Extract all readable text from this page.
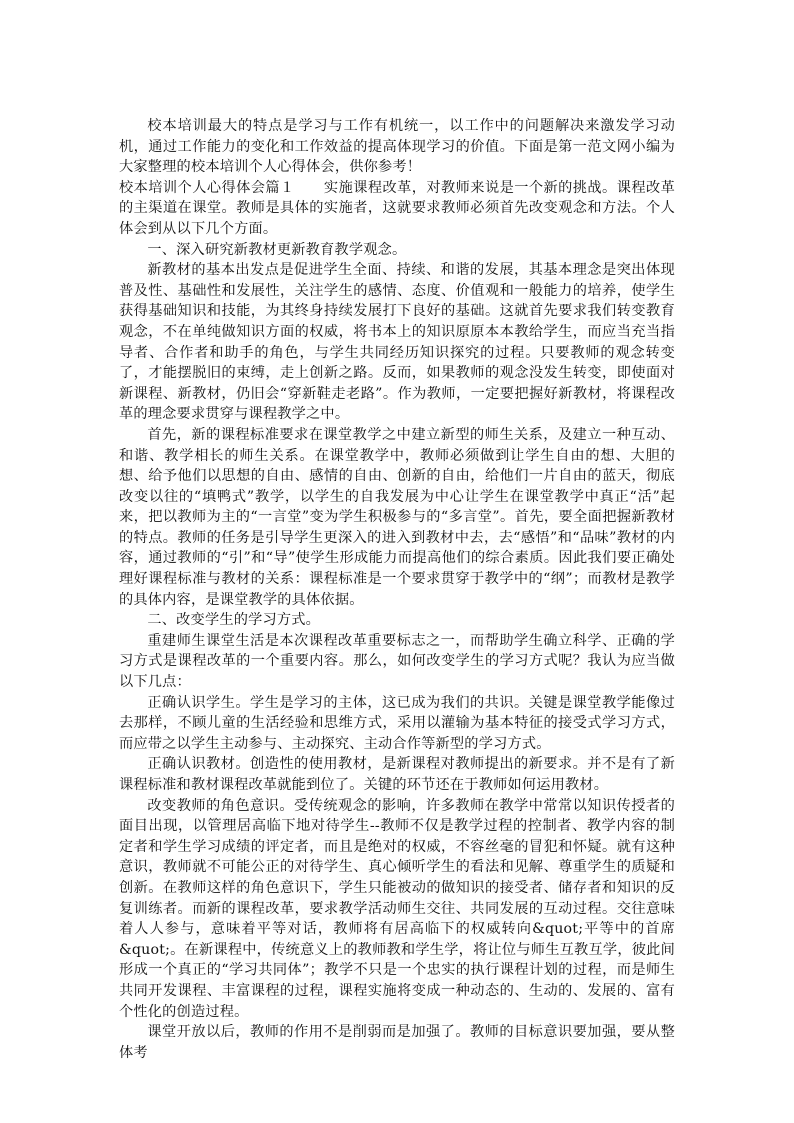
校本培训最大的特点是学习与工作有机统一，以工作中的问题解决来激发学习动机，通过工作能力的变化和工作效益的提高体现学习的价值。下面是第一范文网小编为大家整理的校本培训个人心得体会，供你参考！

校本培训个人心得体会篇１　　实施课程改革，对教师来说是一个新的挑战。课程改革的主渠道在课堂。教师是具体的实施者，这就要求教师必须首先改变观念和方法。个人体会到从以下几个方面。

一、深入研究新教材更新教育教学观念。

新教材的基本出发点是促进学生全面、持续、和谐的发展，其基本理念是突出体现普及性、基础性和发展性，关注学生的感情、态度、价值观和一般能力的培养，使学生获得基础知识和技能，为其终身持续发展打下良好的基础。这就首先要求我们转变教育观念，不在单纯做知识方面的权威，将书本上的知识原原本本教给学生，而应当充当指导者、合作者和助手的角色，与学生共同经历知识探究的过程。只要教师的观念转变了，才能摆脱旧的束缚，走上创新之路。反而，如果教师的观念没发生转变，即使面对新课程、新教材，仍旧会“穿新鞋走老路”。作为教师，一定要把握好新教材，将课程改革的理念要求贯穿与课程教学之中。

首先，新的课程标准要求在课堂教学之中建立新型的师生关系，及建立一种互动、和谐、教学相长的师生关系。在课堂教学中，教师必须做到让学生自由的想、大胆的想、给予他们以思想的自由、感情的自由、创新的自由，给他们一片自由的蓝天，彻底改变以往的“填鸭式”教学，以学生的自我发展为中心让学生在课堂教学中真正“活”起来，把以教师为主的“一言堂”变为学生积极参与的“多言堂”。首先，要全面把握新教材的特点。教师的任务是引导学生更深入的进入到教材中去，去“感悟”和“品味”教材的内容，通过教师的“引”和“导”使学生形成能力而提高他们的综合素质。因此我们要正确处理好课程标准与教材的关系：课程标准是一个要求贯穿于教学中的“纲”；而教材是教学的具体内容，是课堂教学的具体依据。

二、改变学生的学习方式。

重建师生课堂生活是本次课程改革重要标志之一，而帮助学生确立科学、正确的学习方式是课程改革的一个重要内容。那么，如何改变学生的学习方式呢？我认为应当做以下几点：

正确认识学生。学生是学习的主体，这已成为我们的共识。关键是课堂教学能像过去那样，不顾儿童的生活经验和思维方式，采用以灌输为基本特征的接受式学习方式，而应带之以学生主动参与、主动探究、主动合作等新型的学习方式。

正确认识教材。创造性的使用教材，是新课程对教师提出的新要求。并不是有了新课程标准和教材课程改革就能到位了。关键的环节还在于教师如何运用教材。

改变教师的角色意识。受传统观念的影响，许多教师在教学中常常以知识传授者的面目出现，以管理居高临下地对待学生--教师不仅是教学过程的控制者、教学内容的制定者和学生学习成绩的评定者，而且是绝对的权威，不容丝毫的冒犯和怀疑。就有这种意识，教师就不可能公正的对待学生、真心倾听学生的看法和见解、尊重学生的质疑和创新。在教师这样的角色意识下，学生只能被动的做知识的接受者、储存者和知识的反复训练者。而新的课程改革，要求教学活动师生交往、共同发展的互动过程。交往意味着人人参与，意味着平等对话，教师将有居高临下的权威转向&quot;平等中的首席&quot;。在新课程中，传统意义上的教师教和学生学，将让位与师生互教互学，彼此间形成一个真正的“学习共同体”；教学不只是一个忠实的执行课程计划的过程，而是师生共同开发课程、丰富课程的过程，课程实施将变成一种动态的、生动的、发展的、富有个性化的创造过程。

课堂开放以后，教师的作用不是削弱而是加强了。教师的目标意识要加强，要从整体考
